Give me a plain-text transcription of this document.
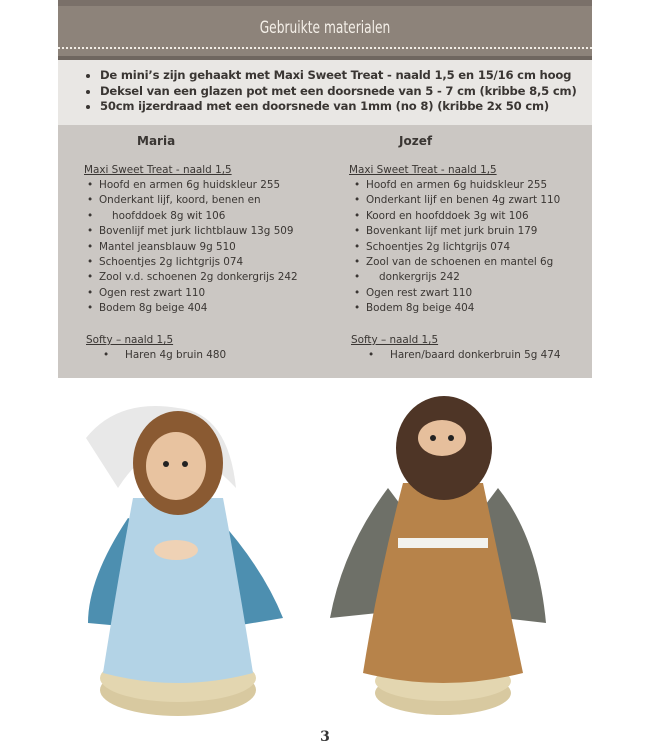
Gebruikte materialen
• De mini’s zijn gehaakt met Maxi Sweet Treat - naald 1,5 en 15/16 cm hoog
• Deksel van een glazen pot met een doorsnede van 5 - 7 cm (kribbe 8,5 cm)
• 50cm ijzerdraad met een doorsnede van 1mm (no 8) (kribbe 2x 50 cm)
Maria
Maxi Sweet Treat - naald 1,5
• Hoofd en armen 6g huidskleur 255
• Onderkant lijf, koord, benen en
• hoofddoek 8g wit 106
• Bovenlijf met jurk lichtblauw 13g 509
• Mantel jeansblauw 9g 510
• Schoentjes 2g lichtgrijs 074
• Zool v.d. schoenen 2g donkergrijs 242
• Ogen rest zwart 110
• Bodem 8g beige 404
Softy – naald 1,5
• Haren 4g bruin 480
Jozef
Maxi Sweet Treat - naald 1,5
• Hoofd en armen 6g huidskleur 255
• Onderkant lijf en benen 4g zwart 110
• Koord en hoofddoek 3g wit 106
• Bovenkant lijf met jurk bruin 179
• Schoentjes 2g lichtgrijs 074
• Zool van de schoenen en mantel 6g
• donkergrijs 242
• Ogen rest zwart 110
• Bodem 8g beige 404
Softy – naald 1,5
• Haren/baard donkerbruin 5g 474
3
